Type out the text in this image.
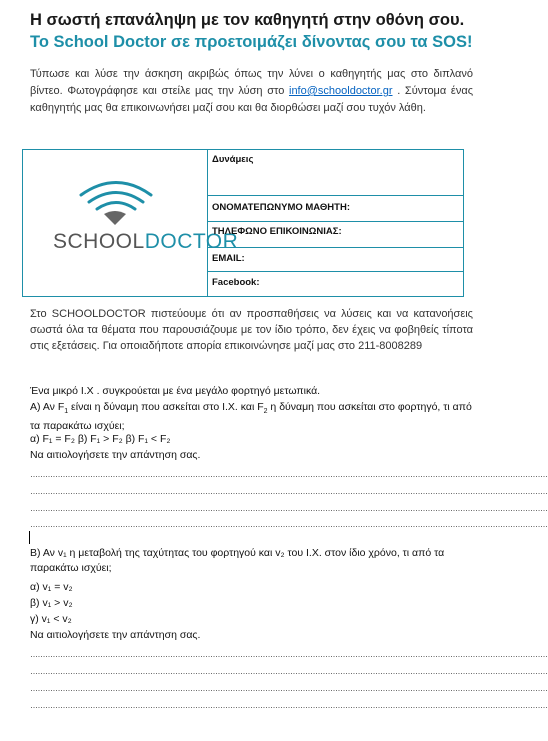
Η σωστή επανάληψη με τον καθηγητή στην οθόνη σου.
Το School Doctor σε προετοιμάζει δίνοντας σου τα SOS!
Τύπωσε και λύσε την άσκηση ακριβώς όπως την λύνει ο καθηγητής μας στο διπλανό βίντεο. Φωτογράφησε και στείλε μας την λύση στο info@schooldoctor.gr . Σύντομα ένας καθηγητής μας θα επικοινωνήσει μαζί σου και θα διορθώσει μαζί σου τυχόν λάθη.
SCHOOLDOCTOR
Δυνάμεις
ΟΝΟΜΑΤΕΠΩΝΥΜΟ ΜΑΘΗΤΗ:
ΤΗΛΕΦΩΝΟ ΕΠΙΚΟΙΝΩΝΙΑΣ:
EMAIL:
Facebook:
Στο SCHOOLDOCTOR πιστεύουμε ότι αν προσπαθήσεις να λύσεις και να κατανοήσεις σωστά όλα τα θέματα που παρουσιάζουμε με τον ίδιο τρόπο, δεν έχεις να φοβηθείς τίποτα στις εξετάσεις. Για οποιαδήποτε απορία επικοινώνησε μαζί μας στο 211-8008289
Ένα μικρό Ι.Χ . συγκρούεται με ένα μεγάλο φορτηγό μετωπικά.
Α) Αν $F_1$ είναι η δύναμη που ασκείται στο Ι.Χ. και $F_2$ η δύναμη που ασκείται στο φορτηγό, τι από τα παρακάτω ισχύει;
α) F₁ = F₂ β) F₁ > F₂ β) F₁ < F₂
Να αιτιολογήσετε την απάντηση σας.
………………………………………………………………………………………………………………………………………………………………………………………
………………………………………………………………………………………………………………………………………………………………………………………
………………………………………………………………………………………………………………………………………………………………………………………
………………………………………………………………………………………………………………………………………………………………………………………
Β) Αν v₁ η μεταβολή της ταχύτητας του φορτηγού και v₂ του Ι.Χ. στον ίδιο χρόνο, τι από τα παρακάτω ισχύει;
α) v₁ = v₂
β) v₁ > v₂
γ) v₁ < v₂
Να αιτιολογήσετε την απάντηση σας.
………………………………………………………………………………………………………………………………………………………………………………………
………………………………………………………………………………………………………………………………………………………………………………………
………………………………………………………………………………………………………………………………………………………………………………………
………………………………………………………………………………………………………………………………………………………………………………………
